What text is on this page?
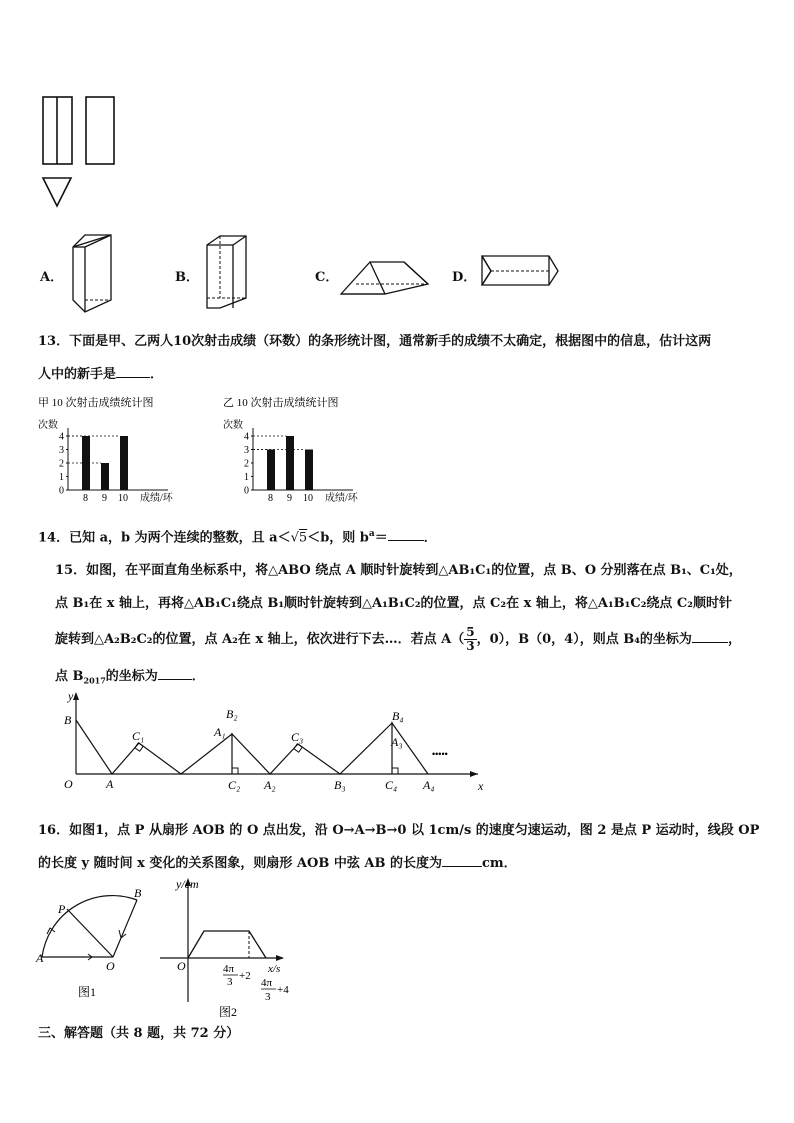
A．	B．	C．	D．
13．下面是甲、乙两人10次射击成绩（环数）的条形统计图，通常新手的成绩不太确定，根据图中的信息，估计这两
人中的新手是	．
甲 10 次射击成绩统计图
次数
0
1
2
3
4
8 9 10 成绩/环
乙 10 次射击成绩统计图
次数
0
1
2
3
4
8 9 10 成绩/环
14．已知 a，b 为两个连续的整数，且 a＜√5＜b，则 $b^a=$	．
15．如图，在平面直角坐标系中，将△ABO 绕点 A 顺时针旋转到△AB₁C₁的位置，点 B、O 分别落在点 B₁、C₁处，
点 B₁在 x 轴上，再将△AB₁C₁绕点 B₁顺时针旋转到△A₁B₁C₂的位置，点 C₂在 x 轴上，将△A₁B₁C₂绕点 C₂顺时针
旋转到△A₂B₂C₂的位置，点 A₂在 x 轴上，依次进行下去…．若点 $A( \frac{5}{3}$，0），B（0，4），则点 B₄的坐标为	，
点 $B_{2017}$的坐标为	．
y
x
O	A
B
C₁
B₂
A₁
C₂ A₂
C₃
B₃
B₄
A₃
C₄ A₄
•••••
16．如图1，点 P 从扇形 AOB 的 O 点出发，沿 O→A→B→0 以 1cm/s 的速度匀速运动，图 2 是点 P 运动时，线段 OP
的长度 y 随时间 x 变化的关系图象，则扇形 AOB 中弦 AB 的长度为	cm．
P
B
A
O
图1
y/cm
x/s
O	4π
3 +2
4π
3
+4
图2
三、解答题（共 8 题，共 72 分）
